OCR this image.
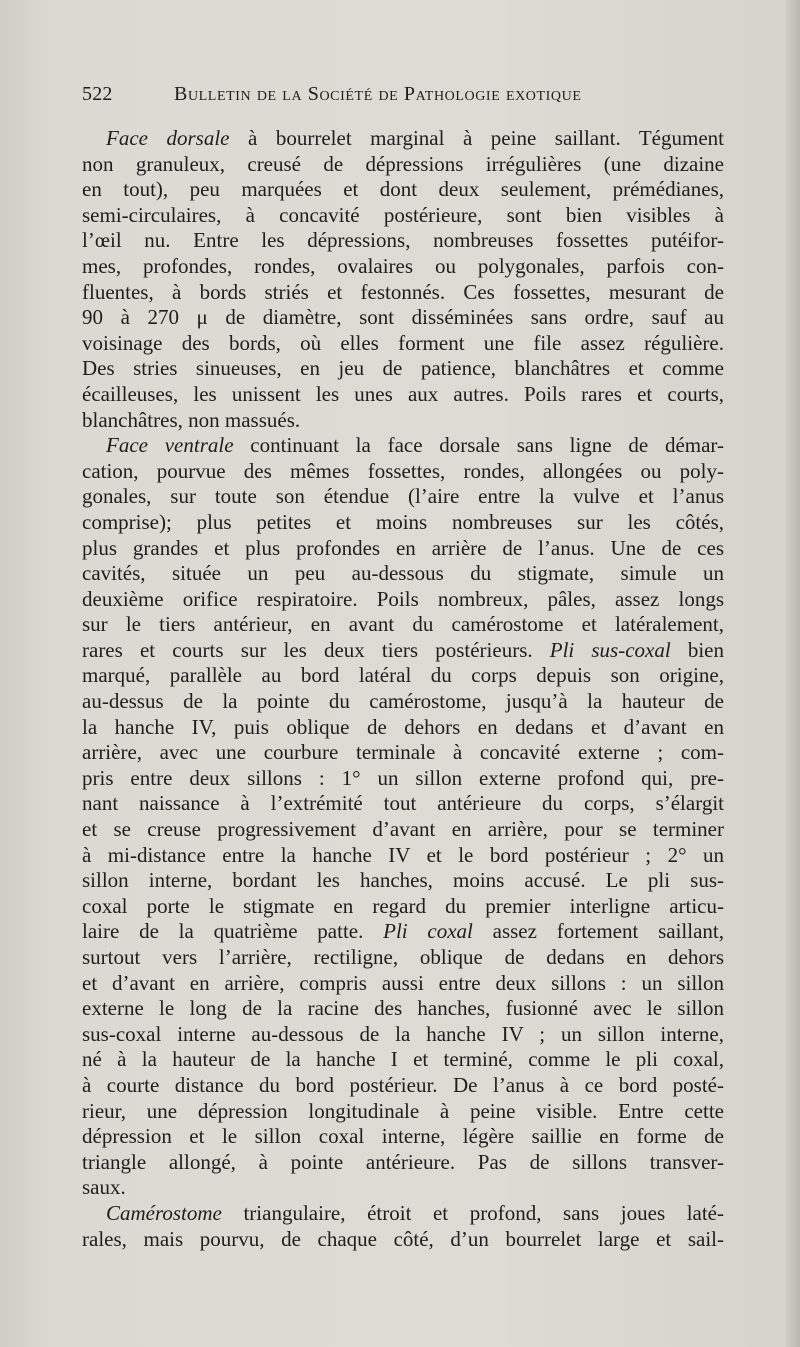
522	Bulletin de la Société de Pathologie exotique
Face dorsale à bourrelet marginal à peine saillant. Tégument
non granuleux, creusé de dépressions irrégulières (une dizaine
en tout), peu marquées et dont deux seulement, prémédianes,
semi-circulaires, à concavité postérieure, sont bien visibles à
l’œil nu. Entre les dépressions, nombreuses fossettes putéifor-
mes, profondes, rondes, ovalaires ou polygonales, parfois con-
fluentes, à bords striés et festonnés. Ces fossettes, mesurant de
90 à 270 μ de diamètre, sont disséminées sans ordre, sauf au
voisinage des bords, où elles forment une file assez régulière.
Des stries sinueuses, en jeu de patience, blanchâtres et comme
écailleuses, les unissent les unes aux autres. Poils rares et courts,
blanchâtres, non massués.
Face ventrale continuant la face dorsale sans ligne de démar-
cation, pourvue des mêmes fossettes, rondes, allongées ou poly-
gonales, sur toute son étendue (l’aire entre la vulve et l’anus
comprise); plus petites et moins nombreuses sur les côtés,
plus grandes et plus profondes en arrière de l’anus. Une de ces
cavités, située un peu au-dessous du stigmate, simule un
deuxième orifice respiratoire. Poils nombreux, pâles, assez longs
sur le tiers antérieur, en avant du camérostome et latéralement,
rares et courts sur les deux tiers postérieurs. Pli sus-coxal bien
marqué, parallèle au bord latéral du corps depuis son origine,
au-dessus de la pointe du camérostome, jusqu’à la hauteur de
la hanche IV, puis oblique de dehors en dedans et d’avant en
arrière, avec une courbure terminale à concavité externe ; com-
pris entre deux sillons : 1° un sillon externe profond qui, pre-
nant naissance à l’extrémité tout antérieure du corps, s’élargit
et se creuse progressivement d’avant en arrière, pour se terminer
à mi-distance entre la hanche IV et le bord postérieur ; 2° un
sillon interne, bordant les hanches, moins accusé. Le pli sus-
coxal porte le stigmate en regard du premier interligne articu-
laire de la quatrième patte. Pli coxal assez fortement saillant,
surtout vers l’arrière, rectiligne, oblique de dedans en dehors
et d’avant en arrière, compris aussi entre deux sillons : un sillon
externe le long de la racine des hanches, fusionné avec le sillon
sus-coxal interne au-dessous de la hanche IV ; un sillon interne,
né à la hauteur de la hanche I et terminé, comme le pli coxal,
à courte distance du bord postérieur. De l’anus à ce bord posté-
rieur, une dépression longitudinale à peine visible. Entre cette
dépression et le sillon coxal interne, légère saillie en forme de
triangle allongé, à pointe antérieure. Pas de sillons transver-
saux.
Camérostome triangulaire, étroit et profond, sans joues laté-
rales, mais pourvu, de chaque côté, d’un bourrelet large et sail-
